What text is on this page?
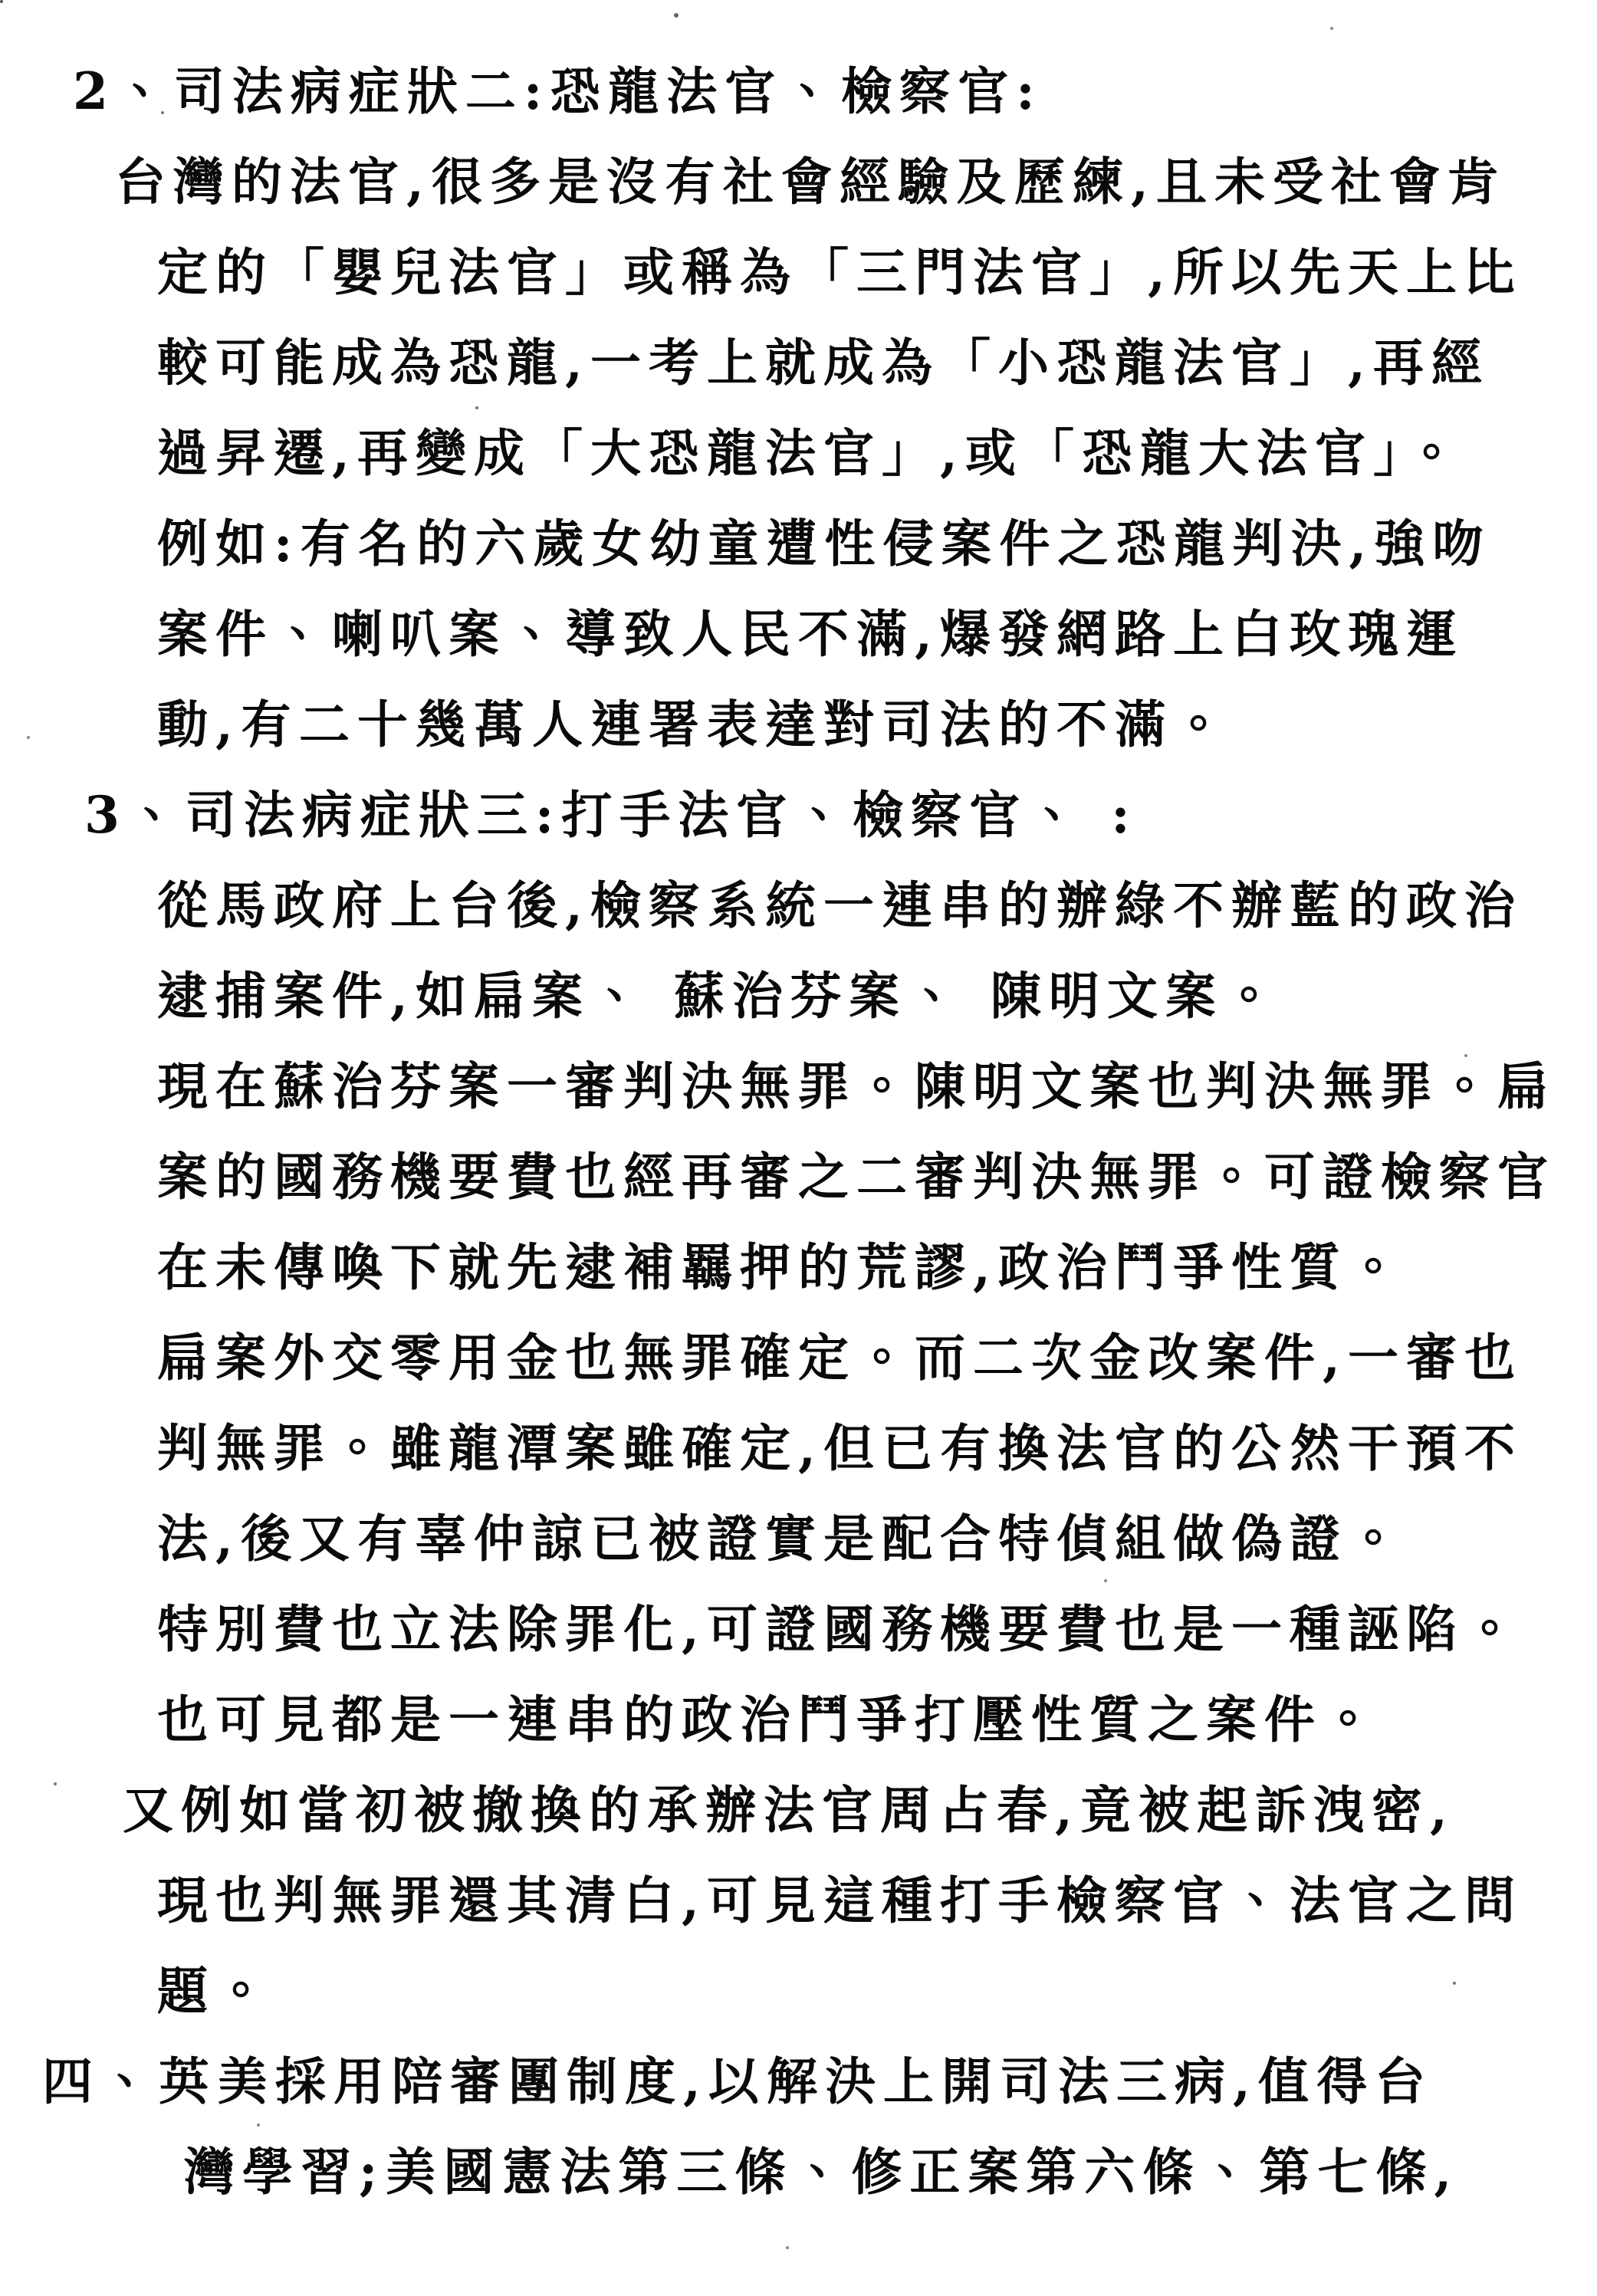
2、司法病症狀二:恐龍法官、檢察官:
台灣的法官,很多是沒有社會經驗及歷練,且未受社會肯
定的「嬰兒法官」或稱為「三門法官」,所以先天上比
較可能成為恐龍,一考上就成為「小恐龍法官」,再經
過昇遷,再變成「大恐龍法官」,或「恐龍大法官」。
例如:有名的六歲女幼童遭性侵案件之恐龍判決,強吻
案件、喇叭案、導致人民不滿,爆發網路上白玫瑰運
動,有二十幾萬人連署表達對司法的不滿。
3、司法病症狀三:打手法官、檢察官、 :
從馬政府上台後,檢察系統一連串的辦綠不辦藍的政治
逮捕案件,如扁案、 蘇治芬案、 陳明文案。
現在蘇治芬案一審判決無罪。陳明文案也判決無罪。扁
案的國務機要費也經再審之二審判決無罪。可證檢察官
在未傳喚下就先逮補羈押的荒謬,政治鬥爭性質。
扁案外交零用金也無罪確定。而二次金改案件,一審也
判無罪。雖龍潭案雖確定,但已有換法官的公然干預不
法,後又有辜仲諒已被證實是配合特偵組做偽證。
特別費也立法除罪化,可證國務機要費也是一種誣陷。
也可見都是一連串的政治鬥爭打壓性質之案件。
又例如當初被撤換的承辦法官周占春,竟被起訴洩密,
現也判無罪還其清白,可見這種打手檢察官、法官之問
題。
四、英美採用陪審團制度,以解決上開司法三病,值得台
灣學習;美國憲法第三條、修正案第六條、第七條,
